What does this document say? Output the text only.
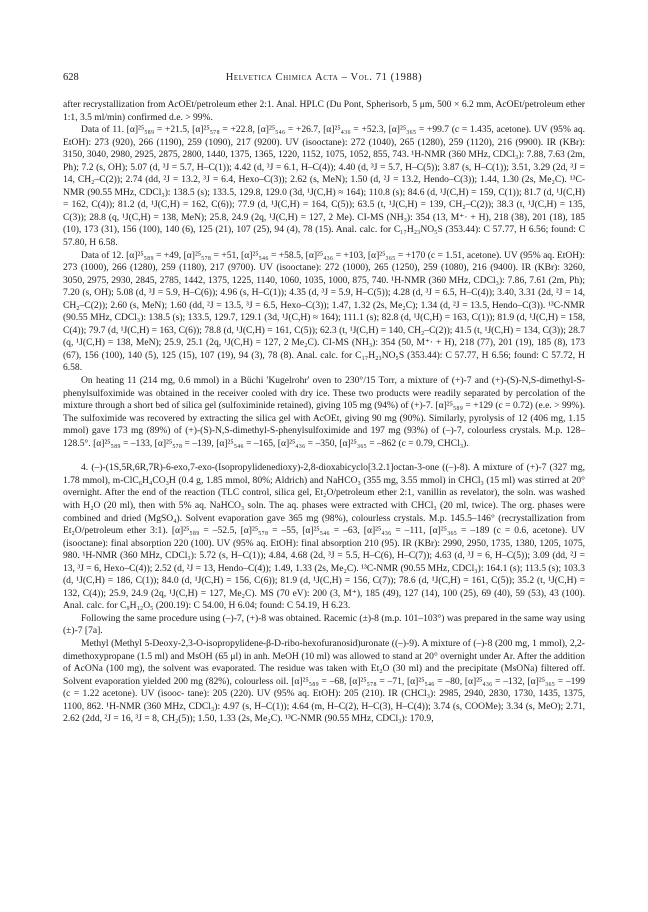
628	Helvetica Chimica Acta – Vol. 71 (1988)

after recrystallization from AcOEt/petroleum ether 2:1. Anal. HPLC (Du Pont, Spherisorb, 5 μm, 500 × 6.2 mm, AcOEt/petroleum ether 1:1, 3.5 ml/min) confirmed d.e. > 99%.

Data of 11. [α]²⁵₅₈₉ = +21.5, [α]²⁵₅₇₈ = +22.8, [α]²⁵₅₄₆ = +26.7, [α]²⁵₄₃₆ = +52.3, [α]²⁵₃₆₅ = +99.7 (c = 1.435, acetone). UV (95% aq. EtOH): 273 (920), 266 (1190), 259 (1090), 217 (9200). UV (isooctane): 272 (1040), 265 (1280), 259 (1120), 216 (9900). IR (KBr): 3150, 3040, 2980, 2925, 2875, 2800, 1440, 1375, 1365, 1220, 1152, 1075, 1052, 855, 743. ¹H-NMR (360 MHz, CDCl₃): 7.88, 7.63 (2m, Ph); 7.2 (s, OH); 5.07 (d, ³J = 5.7, H–C(1)); 4.42 (d, ³J = 6.1, H–C(4)); 4.40 (d, ³J = 5.7, H–C(5)); 3.87 (s, H–C(1)); 3.51, 3.29 (2d, ³J = 14, CH₂–C(2)); 2.74 (dd, ²J = 13.2, ³J = 6.4, Hexo–C(3)); 2.62 (s, MeN); 1.50 (d, ²J = 13.2, Hendo–C(3)); 1.44, 1.30 (2s, Me₂C). ¹³C-NMR (90.55 MHz, CDCl₃): 138.5 (s); 133.5, 129.8, 129.0 (3d, ¹J(C,H) ≈ 164); 110.8 (s); 84.6 (d, ¹J(C,H) = 159, C(1)); 81.7 (d, ¹J(C,H) = 162, C(4)); 81.2 (d, ¹J(C,H) = 162, C(6)); 77.9 (d, ¹J(C,H) = 164, C(5)); 63.5 (t, ¹J(C,H) = 139, CH₂–C(2)); 38.3 (t, ¹J(C,H) = 135, C(3)); 28.8 (q, ¹J(C,H) = 138, MeN); 25.8, 24.9 (2q, ¹J(C,H) = 127, 2 Me). CI-MS (NH₃): 354 (13, M⁺· + H), 218 (38), 201 (18), 185 (10), 173 (31), 156 (100), 140 (6), 125 (21), 107 (25), 94 (4), 78 (15). Anal. calc. for C₁₇H₂₃NO₅S (353.44): C 57.77, H 6.56; found: C 57.80, H 6.58.

Data of 12. [α]²⁵₅₈₉ = +49, [α]²⁵₅₇₈ = +51, [α]²⁵₅₄₆ = +58.5, [α]²⁵₄₃₆ = +103, [α]²⁵₃₆₅ = +170 (c = 1.51, acetone). UV (95% aq. EtOH): 273 (1000), 266 (1280), 259 (1180), 217 (9700). UV (isooctane): 272 (1000), 265 (1250), 259 (1080), 216 (9400). IR (KBr): 3260, 3050, 2975, 2930, 2845, 2785, 1442, 1375, 1225, 1140, 1060, 1035, 1000, 875, 740. ¹H-NMR (360 MHz, CDCl₃): 7.86, 7.61 (2m, Ph); 7.20 (s, OH); 5.08 (d, ³J = 5.9, H–C(6)); 4.96 (s, H–C(1)); 4.35 (d, ³J = 5.9, H–C(5)); 4.28 (d, ³J = 6.5, H–C(4)); 3.40, 3.31 (2d, ²J = 14, CH₂–C(2)); 2.60 (s, MeN); 1.60 (dd, ²J = 13.5, ³J = 6.5, Hexo–C(3)); 1.47, 1.32 (2s, Me₂C); 1.34 (d, ²J = 13.5, Hendo–C(3)). ¹³C-NMR (90.55 MHz, CDCl₃): 138.5 (s); 133.5, 129.7, 129.1 (3d, ¹J(C,H) ≈ 164); 111.1 (s); 82.8 (d, ¹J(C,H) = 163, C(1)); 81.9 (d, ¹J(C,H) = 158, C(4)); 79.7 (d, ¹J(C,H) = 163, C(6)); 78.8 (d, ¹J(C,H) = 161, C(5)); 62.3 (t, ¹J(C,H) = 140, CH₂–C(2)); 41.5 (t, ¹J(C,H) = 134, C(3)); 28.7 (q, ¹J(C,H) = 138, MeN); 25.9, 25.1 (2q, ¹J(C,H) = 127, 2 Me₂C). CI-MS (NH₃): 354 (50, M⁺· + H), 218 (77), 201 (19), 185 (8), 173 (67), 156 (100), 140 (5), 125 (15), 107 (19), 94 (3), 78 (8). Anal. calc. for C₁₇H₂₃NO₅S (353.44): C 57.77, H 6.56; found: C 57.72, H 6.58.

On heating 11 (214 mg, 0.6 mmol) in a Büchi 'Kugelrohr' oven to 230°/15 Torr, a mixture of (+)-7 and (+)-(S)-N,S-dimethyl-S-phenylsulfoximide was obtained in the receiver cooled with dry ice. These two products were readily separated by percolation of the mixture through a short bed of silica gel (sulfoximinide retained), giving 105 mg (94%) of (+)-7. [α]²⁵₅₈₉ = +129 (c = 0.72) (e.e. > 99%). The sulfoximide was recovered by extracting the silica gel with AcOEt, giving 90 mg (90%). Similarly, pyrolysis of 12 (406 mg, 1.15 mmol) gave 173 mg (89%) of (+)-(S)-N,S-dimethyl-S-phenylsulfoximide and 197 mg (93%) of (–)-7, colourless crystals. M.p. 128–128.5°. [α]²⁵₅₈₉ = –133, [α]²⁵₅₇₈ = –139, [α]²⁵₅₄₆ = –165, [α]²⁵₄₃₆ = –350, [α]²⁵₃₆₅ = –862 (c = 0.79, CHCl₃).

4. (–)-(1S,5R,6R,7R)-6-exo,7-exo-(Isopropylidenedioxy)-2,8-dioxabicyclo[3.2.1]octan-3-one ((–)-8). A mixture of (+)-7 (327 mg, 1.78 mmol), m-ClC₆H₄CO₃H (0.4 g, 1.85 mmol, 80%; Aldrich) and NaHCO₃ (355 mg, 3.55 mmol) in CHCl₃ (15 ml) was stirred at 20° overnight. After the end of the reaction (TLC control, silica gel, Et₂O/petroleum ether 2:1, vanillin as revelator), the soln. was washed with H₂O (20 ml), then with 5% aq. NaHCO₃ soln. The aq. phases were extracted with CHCl₃ (20 ml, twice). The org. phases were combined and dried (MgSO₄). Solvent evaporation gave 365 mg (98%), colourless crystals. M.p. 145.5–146° (recrystallization from Et₂O/petroleum ether 3:1). [α]²⁵₅₈₉ = –52.5, [α]²⁵₅₇₈ = –55, [α]²⁵₅₄₆ = –63, [α]²⁵₄₃₆ = –111, [α]²⁵₃₆₅ = –189 (c = 0.6, acetone). UV (isooctane): final absorption 220 (100). UV (95% aq. EtOH): final absorption 210 (95). IR (KBr): 2990, 2950, 1735, 1380, 1205, 1075, 980. ¹H-NMR (360 MHz, CDCl₃): 5.72 (s, H–C(1)); 4.84, 4.68 (2d, ³J = 5.5, H–C(6), H–C(7)); 4.63 (d, ³J = 6, H–C(5)); 3.09 (dd, ²J = 13, ³J = 6, Hexo–C(4)); 2.52 (d, ²J = 13, Hendo–C(4)); 1.49, 1.33 (2s, Me₂C). ¹³C-NMR (90.55 MHz, CDCl₃): 164.1 (s); 113.5 (s); 103.3 (d, ¹J(C,H) = 186, C(1)); 84.0 (d, ¹J(C,H) = 156, C(6)); 81.9 (d, ¹J(C,H) = 156, C(7)); 78.6 (d, ¹J(C,H) = 161, C(5)); 35.2 (t, ¹J(C,H) = 132, C(4)); 25.9, 24.9 (2q, ¹J(C,H) = 127, Me₂C). MS (70 eV): 200 (3, M⁺), 185 (49), 127 (14), 100 (25), 69 (40), 59 (53), 43 (100). Anal. calc. for C₉H₁₂O₅ (200.19): C 54.00, H 6.04; found: C 54.19, H 6.23.

Following the same procedure using (–)-7, (+)-8 was obtained. Racemic (±)-8 (m.p. 101–103°) was prepared in the same way using (±)-7 [7a].

Methyl (Methyl 5-Deoxy-2,3-O-isopropylidene-β-D-ribo-hexofuranosid)uronate ((–)-9). A mixture of (–)-8 (200 mg, 1 mmol), 2,2-dimethoxypropane (1.5 ml) and MsOH (65 μl) in anh. MeOH (10 ml) was allowed to stand at 20° overnight under Ar. After the addition of AcONa (100 mg), the solvent was evaporated. The residue was taken with Et₂O (30 ml) and the precipitate (MsONa) filtered off. Solvent evaporation yielded 200 mg (82%), colourless oil. [α]²⁵₅₈₉ = –68, [α]²⁵₅₇₈ = –71, [α]²⁵₅₄₆ = –80, [α]²⁵₄₃₆ = –132, [α]²⁵₃₆₅ = –199 (c = 1.22 acetone). UV (isooc- tane): 205 (220). UV (95% aq. EtOH): 205 (210). IR (CHCl₃): 2985, 2940, 2830, 1730, 1435, 1375, 1100, 862. ¹H-NMR (360 MHz, CDCl₃): 4.97 (s, H–C(1)); 4.64 (m, H–C(2), H–C(3), H–C(4)); 3.74 (s, COOMe); 3.34 (s, MeO); 2.71, 2.62 (2dd, ²J = 16, ³J = 8, CH₂(5)); 1.50, 1.33 (2s, Me₂C). ¹³C-NMR (90.55 MHz, CDCl₃): 170.9,
